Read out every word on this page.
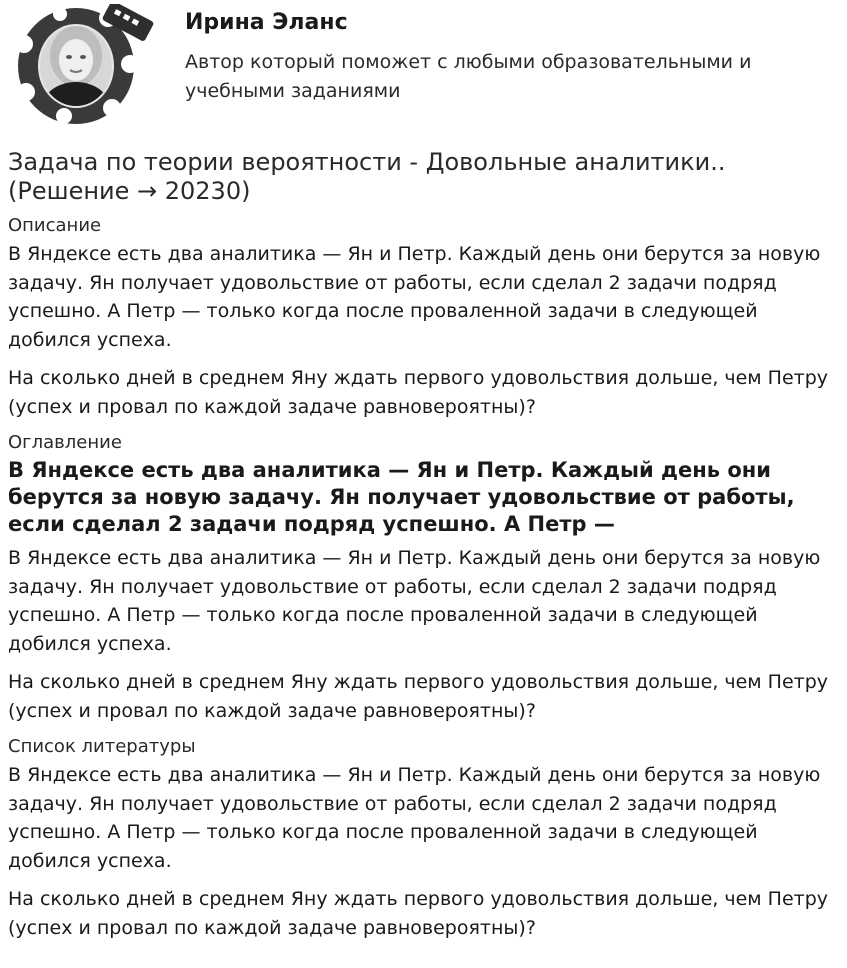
Ирина Эланс

Автор который поможет с любыми образовательными и учебными заданиями

Задача по теории вероятности - Довольные аналитики.. (Решение → 20230)
Описание

В Яндексе есть два аналитика — Ян и Петр. Каждый день они берутся за новую задачу. Ян получает удовольствие от работы, если сделал 2 задачи подряд успешно. А Петр — только когда после проваленной задачи в следующей добился успеха.

На сколько дней в среднем Яну ждать первого удовольствия дольше, чем Петру (успех и провал по каждой задаче равновероятны)?

Оглавление
В Яндексе есть два аналитика — Ян и Петр. Каждый день они берутся за новую задачу. Ян получает удовольствие от работы, если сделал 2 задачи подряд успешно. А Петр —

В Яндексе есть два аналитика — Ян и Петр. Каждый день они берутся за новую задачу. Ян получает удовольствие от работы, если сделал 2 задачи подряд успешно. А Петр — только когда после проваленной задачи в следующей добился успеха.

На сколько дней в среднем Яну ждать первого удовольствия дольше, чем Петру (успех и провал по каждой задаче равновероятны)?

Список литературы

В Яндексе есть два аналитика — Ян и Петр. Каждый день они берутся за новую задачу. Ян получает удовольствие от работы, если сделал 2 задачи подряд успешно. А Петр — только когда после проваленной задачи в следующей добился успеха.

На сколько дней в среднем Яну ждать первого удовольствия дольше, чем Петру (успех и провал по каждой задаче равновероятны)?
